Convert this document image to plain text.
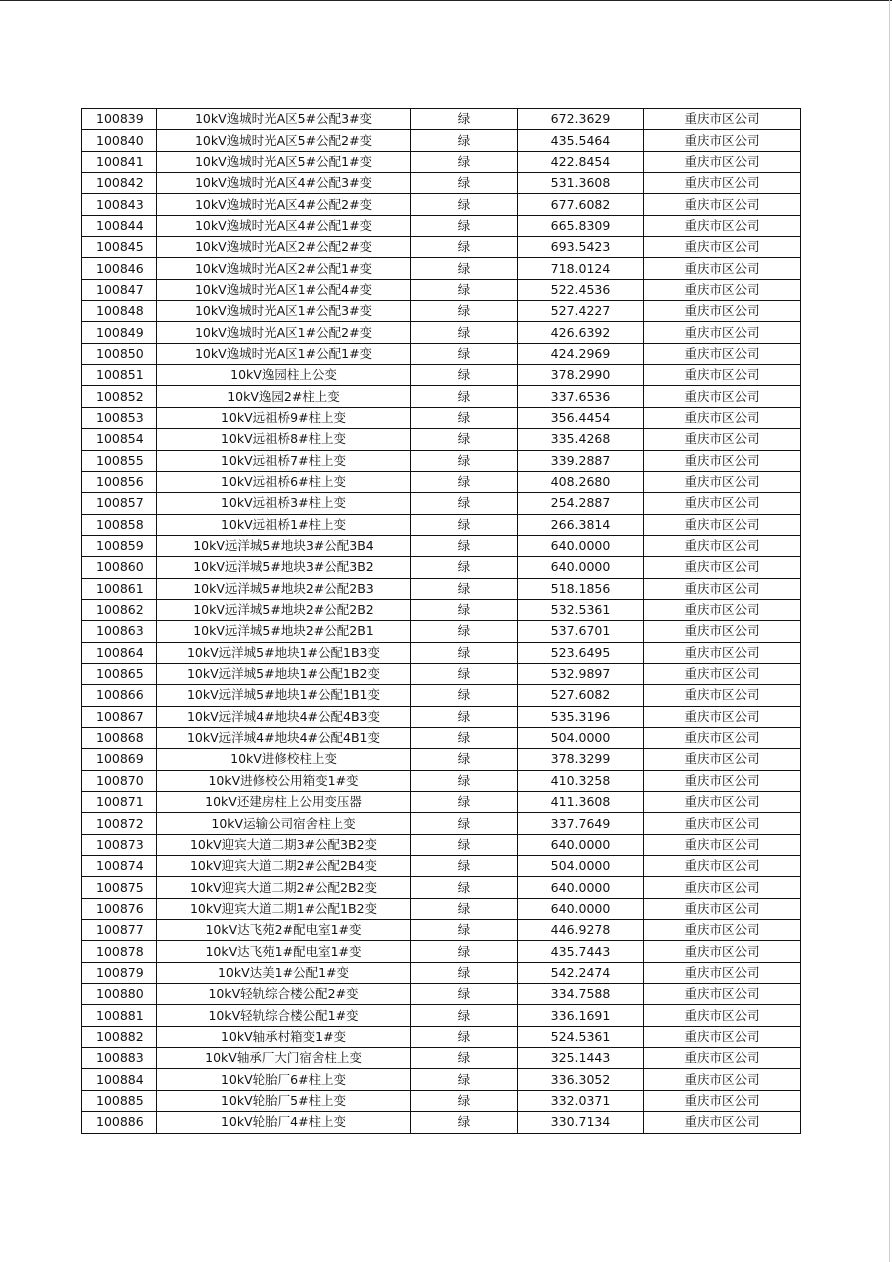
100839	10kV逸城时光A区5#公配3#变	绿	672.3629	重庆市区公司
100840	10kV逸城时光A区5#公配2#变	绿	435.5464	重庆市区公司
100841	10kV逸城时光A区5#公配1#变	绿	422.8454	重庆市区公司
100842	10kV逸城时光A区4#公配3#变	绿	531.3608	重庆市区公司
100843	10kV逸城时光A区4#公配2#变	绿	677.6082	重庆市区公司
100844	10kV逸城时光A区4#公配1#变	绿	665.8309	重庆市区公司
100845	10kV逸城时光A区2#公配2#变	绿	693.5423	重庆市区公司
100846	10kV逸城时光A区2#公配1#变	绿	718.0124	重庆市区公司
100847	10kV逸城时光A区1#公配4#变	绿	522.4536	重庆市区公司
100848	10kV逸城时光A区1#公配3#变	绿	527.4227	重庆市区公司
100849	10kV逸城时光A区1#公配2#变	绿	426.6392	重庆市区公司
100850	10kV逸城时光A区1#公配1#变	绿	424.2969	重庆市区公司
100851	10kV逸园柱上公变	绿	378.2990	重庆市区公司
100852	10kV逸园2#柱上变	绿	337.6536	重庆市区公司
100853	10kV远祖桥9#柱上变	绿	356.4454	重庆市区公司
100854	10kV远祖桥8#柱上变	绿	335.4268	重庆市区公司
100855	10kV远祖桥7#柱上变	绿	339.2887	重庆市区公司
100856	10kV远祖桥6#柱上变	绿	408.2680	重庆市区公司
100857	10kV远祖桥3#柱上变	绿	254.2887	重庆市区公司
100858	10kV远祖桥1#柱上变	绿	266.3814	重庆市区公司
100859	10kV远洋城5#地块3#公配3B4	绿	640.0000	重庆市区公司
100860	10kV远洋城5#地块3#公配3B2	绿	640.0000	重庆市区公司
100861	10kV远洋城5#地块2#公配2B3	绿	518.1856	重庆市区公司
100862	10kV远洋城5#地块2#公配2B2	绿	532.5361	重庆市区公司
100863	10kV远洋城5#地块2#公配2B1	绿	537.6701	重庆市区公司
100864	10kV远洋城5#地块1#公配1B3变	绿	523.6495	重庆市区公司
100865	10kV远洋城5#地块1#公配1B2变	绿	532.9897	重庆市区公司
100866	10kV远洋城5#地块1#公配1B1变	绿	527.6082	重庆市区公司
100867	10kV远洋城4#地块4#公配4B3变	绿	535.3196	重庆市区公司
100868	10kV远洋城4#地块4#公配4B1变	绿	504.0000	重庆市区公司
100869	10kV进修校柱上变	绿	378.3299	重庆市区公司
100870	10kV进修校公用箱变1#变	绿	410.3258	重庆市区公司
100871	10kV还建房柱上公用变压器	绿	411.3608	重庆市区公司
100872	10kV运输公司宿舍柱上变	绿	337.7649	重庆市区公司
100873	10kV迎宾大道二期3#公配3B2变	绿	640.0000	重庆市区公司
100874	10kV迎宾大道二期2#公配2B4变	绿	504.0000	重庆市区公司
100875	10kV迎宾大道二期2#公配2B2变	绿	640.0000	重庆市区公司
100876	10kV迎宾大道二期1#公配1B2变	绿	640.0000	重庆市区公司
100877	10kV达飞苑2#配电室1#变	绿	446.9278	重庆市区公司
100878	10kV达飞苑1#配电室1#变	绿	435.7443	重庆市区公司
100879	10kV达美1#公配1#变	绿	542.2474	重庆市区公司
100880	10kV轻轨综合楼公配2#变	绿	334.7588	重庆市区公司
100881	10kV轻轨综合楼公配1#变	绿	336.1691	重庆市区公司
100882	10kV轴承村箱变1#变	绿	524.5361	重庆市区公司
100883	10kV轴承厂大门宿舍柱上变	绿	325.1443	重庆市区公司
100884	10kV轮胎厂6#柱上变	绿	336.3052	重庆市区公司
100885	10kV轮胎厂5#柱上变	绿	332.0371	重庆市区公司
100886	10kV轮胎厂4#柱上变	绿	330.7134	重庆市区公司
